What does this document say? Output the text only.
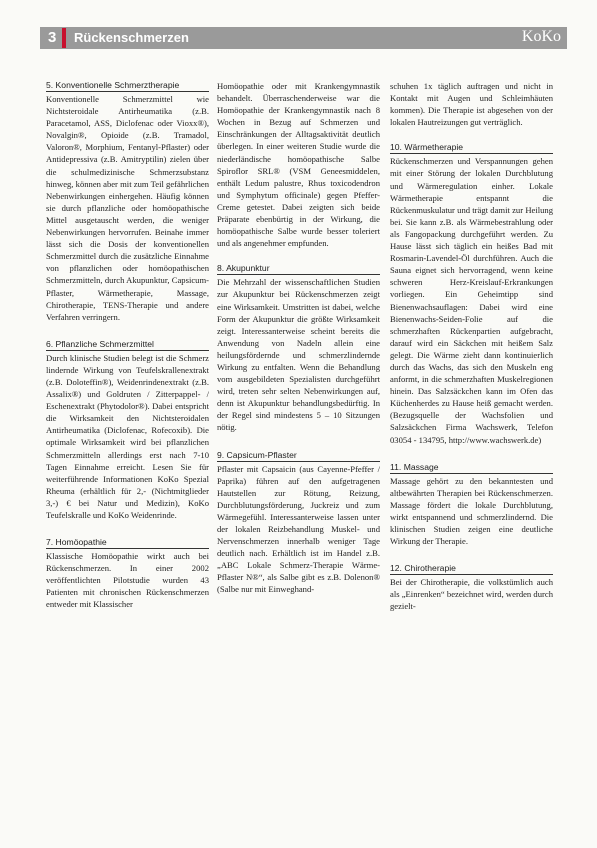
3 Rückenschmerzen	KoKo
5. Konventionelle Schmerztherapie

Konventionelle Schmerzmittel wie Nichtsteroidale Antirheumatika (z.B. Paracetamol, ASS, Diclofenac oder Vioxx®), Novalgin®, Opioide (z.B. Tramadol, Valoron®, Morphium, Fentanyl-Pflaster) oder Antidepressiva (z.B. Amitryptilin) zielen über die schulmedizinische Schmerzsubstanz hinweg, können aber mit zum Teil gefährlichen Nebenwirkungen einhergehen. Häufig können sie durch pflanzliche oder homöopathische Mittel ausgetauscht werden, die weniger Nebenwirkungen hervorrufen. Beinahe immer lässt sich die Dosis der konventionellen Schmerzmittel durch die zusätzliche Einnahme von pflanzlichen oder homöopathischen Schmerzmitteln, durch Akupunktur, Capsicum-Pflaster, Wärmetherapie, Massage, Chirotherapie, TENS-Therapie und andere Verfahren verringern.

6. Pflanzliche Schmerzmittel

Durch klinische Studien belegt ist die Schmerz lindernde Wirkung von Teufelskrallenextrakt (z.B. Doloteffin®), Weidenrindenextrakt (z.B. Assalix®) und Goldruten / Zitterpappel- / Eschenextrakt (Phytodolor®). Dabei entspricht die Wirksamkeit den Nichtsteroidalen Antirheumatika (Diclofenac, Rofecoxib). Die optimale Wirksamkeit wird bei pflanzlichen Schmerzmitteln allerdings erst nach 7-10 Tagen Einnahme erreicht. Lesen Sie für weiterführende Informationen KoKo Spezial Rheuma (erhältlich für 2,- (Nichtmitglieder 3,-) € bei Natur und Medizin), KoKo Teufelskralle und KoKo Weidenrinde.

7. Homöopathie

Klassische Homöopathie wirkt auch bei Rückenschmerzen. In einer 2002 veröffentlichten Pilotstudie wurden 43 Patienten mit chronischen Rückenschmerzen entweder mit Klassischer

Homöopathie oder mit Krankengymnastik behandelt. Überraschenderweise war die Homöopathie der Krankengymnastik nach 8 Wochen in Bezug auf Schmerzen und Einschränkungen der Alltagsaktivität deutlich überlegen. In einer weiteren Studie wurde die niederländische homöopathische Salbe Spiroflor SRL® (VSM Geneesmiddelen, enthält Ledum palustre, Rhus toxicodendron und Symphytum officinale) gegen Pfeffer-Creme getestet. Dabei zeigten sich beide Präparate ebenbürtig in der Wirkung, die homöopathische Salbe wurde besser toleriert und als angenehmer empfunden.

8. Akupunktur

Die Mehrzahl der wissenschaftlichen Studien zur Akupunktur bei Rückenschmerzen zeigt eine Wirksamkeit. Umstritten ist dabei, welche Form der Akupunktur die größte Wirksamkeit zeigt. Interessanterweise scheint bereits die Anwendung von Nadeln allein eine heilungsfördernde und schmerzlindernde Wirkung zu entfalten. Wenn die Behandlung vom ausgebildeten Spezialisten durchgeführt wird, treten sehr selten Nebenwirkungen auf, denn ist Akupunktur behandlungsbedürftig. In der Regel sind mindestens 5 – 10 Sitzungen nötig.

9. Capsicum-Pflaster

Pflaster mit Capsaicin (aus Cayenne-Pfeffer / Paprika) führen auf den aufgetragenen Hautstellen zur Rötung, Reizung, Durchblutungsförderung, Juckreiz und zum Wärmegefühl. Interessanterweise lassen unter der lokalen Reizbehandlung Muskel- und Nervenschmerzen innerhalb weniger Tage deutlich nach. Erhältlich ist im Handel z.B. „ABC Lokale Schmerz-Therapie Wärme-Pflaster N®“, als Salbe gibt es z.B. Dolenon® (Salbe nur mit Einweghand-

schuhen 1x täglich auftragen und nicht in Kontakt mit Augen und Schleimhäuten kommen). Die Therapie ist abgesehen von der lokalen Hautreizungen gut verträglich.

10. Wärmetherapie

Rückenschmerzen und Verspannungen gehen mit einer Störung der lokalen Durchblutung und Wärmeregulation einher. Lokale Wärmetherapie entspannt die Rückenmuskulatur und trägt damit zur Heilung bei. Sie kann z.B. als Wärmebestrahlung oder als Fangopackung durchgeführt werden. Zu Hause lässt sich täglich ein heißes Bad mit Rosmarin-Lavendel-Öl durchführen. Auch die Sauna eignet sich hervorragend, wenn keine schweren Herz-Kreislauf-Erkrankungen vorliegen. Ein Geheimtipp sind Bienenwachsauflagen: Dabei wird eine Bienenwachs-Seiden-Folie auf die schmerzhaften Rückenpartien aufgebracht, darauf wird ein Säckchen mit heißem Salz gelegt. Die Wärme zieht dann kontinuierlich durch das Wachs, das sich den Muskeln eng anformt, in die schmerzhaften Muskelregionen hinein. Das Salzsäckchen kann im Ofen das Küchenherdes zu Hause heiß gemacht werden. (Bezugsquelle der Wachsfolien und Salzsäckchen Firma Wachswerk, Telefon 03054 - 134795, http://www.wachswerk.de)

11. Massage

Massage gehört zu den bekanntesten und altbewährten Therapien bei Rückenschmerzen. Massage fördert die lokale Durchblutung, wirkt entspannend und schmerzlindernd. Die klinischen Studien zeigen eine deutliche Wirkung der Therapie.

12. Chirotherapie

Bei der Chirotherapie, die volkstümlich auch als „Einrenken“ bezeichnet wird, werden durch gezielt-
